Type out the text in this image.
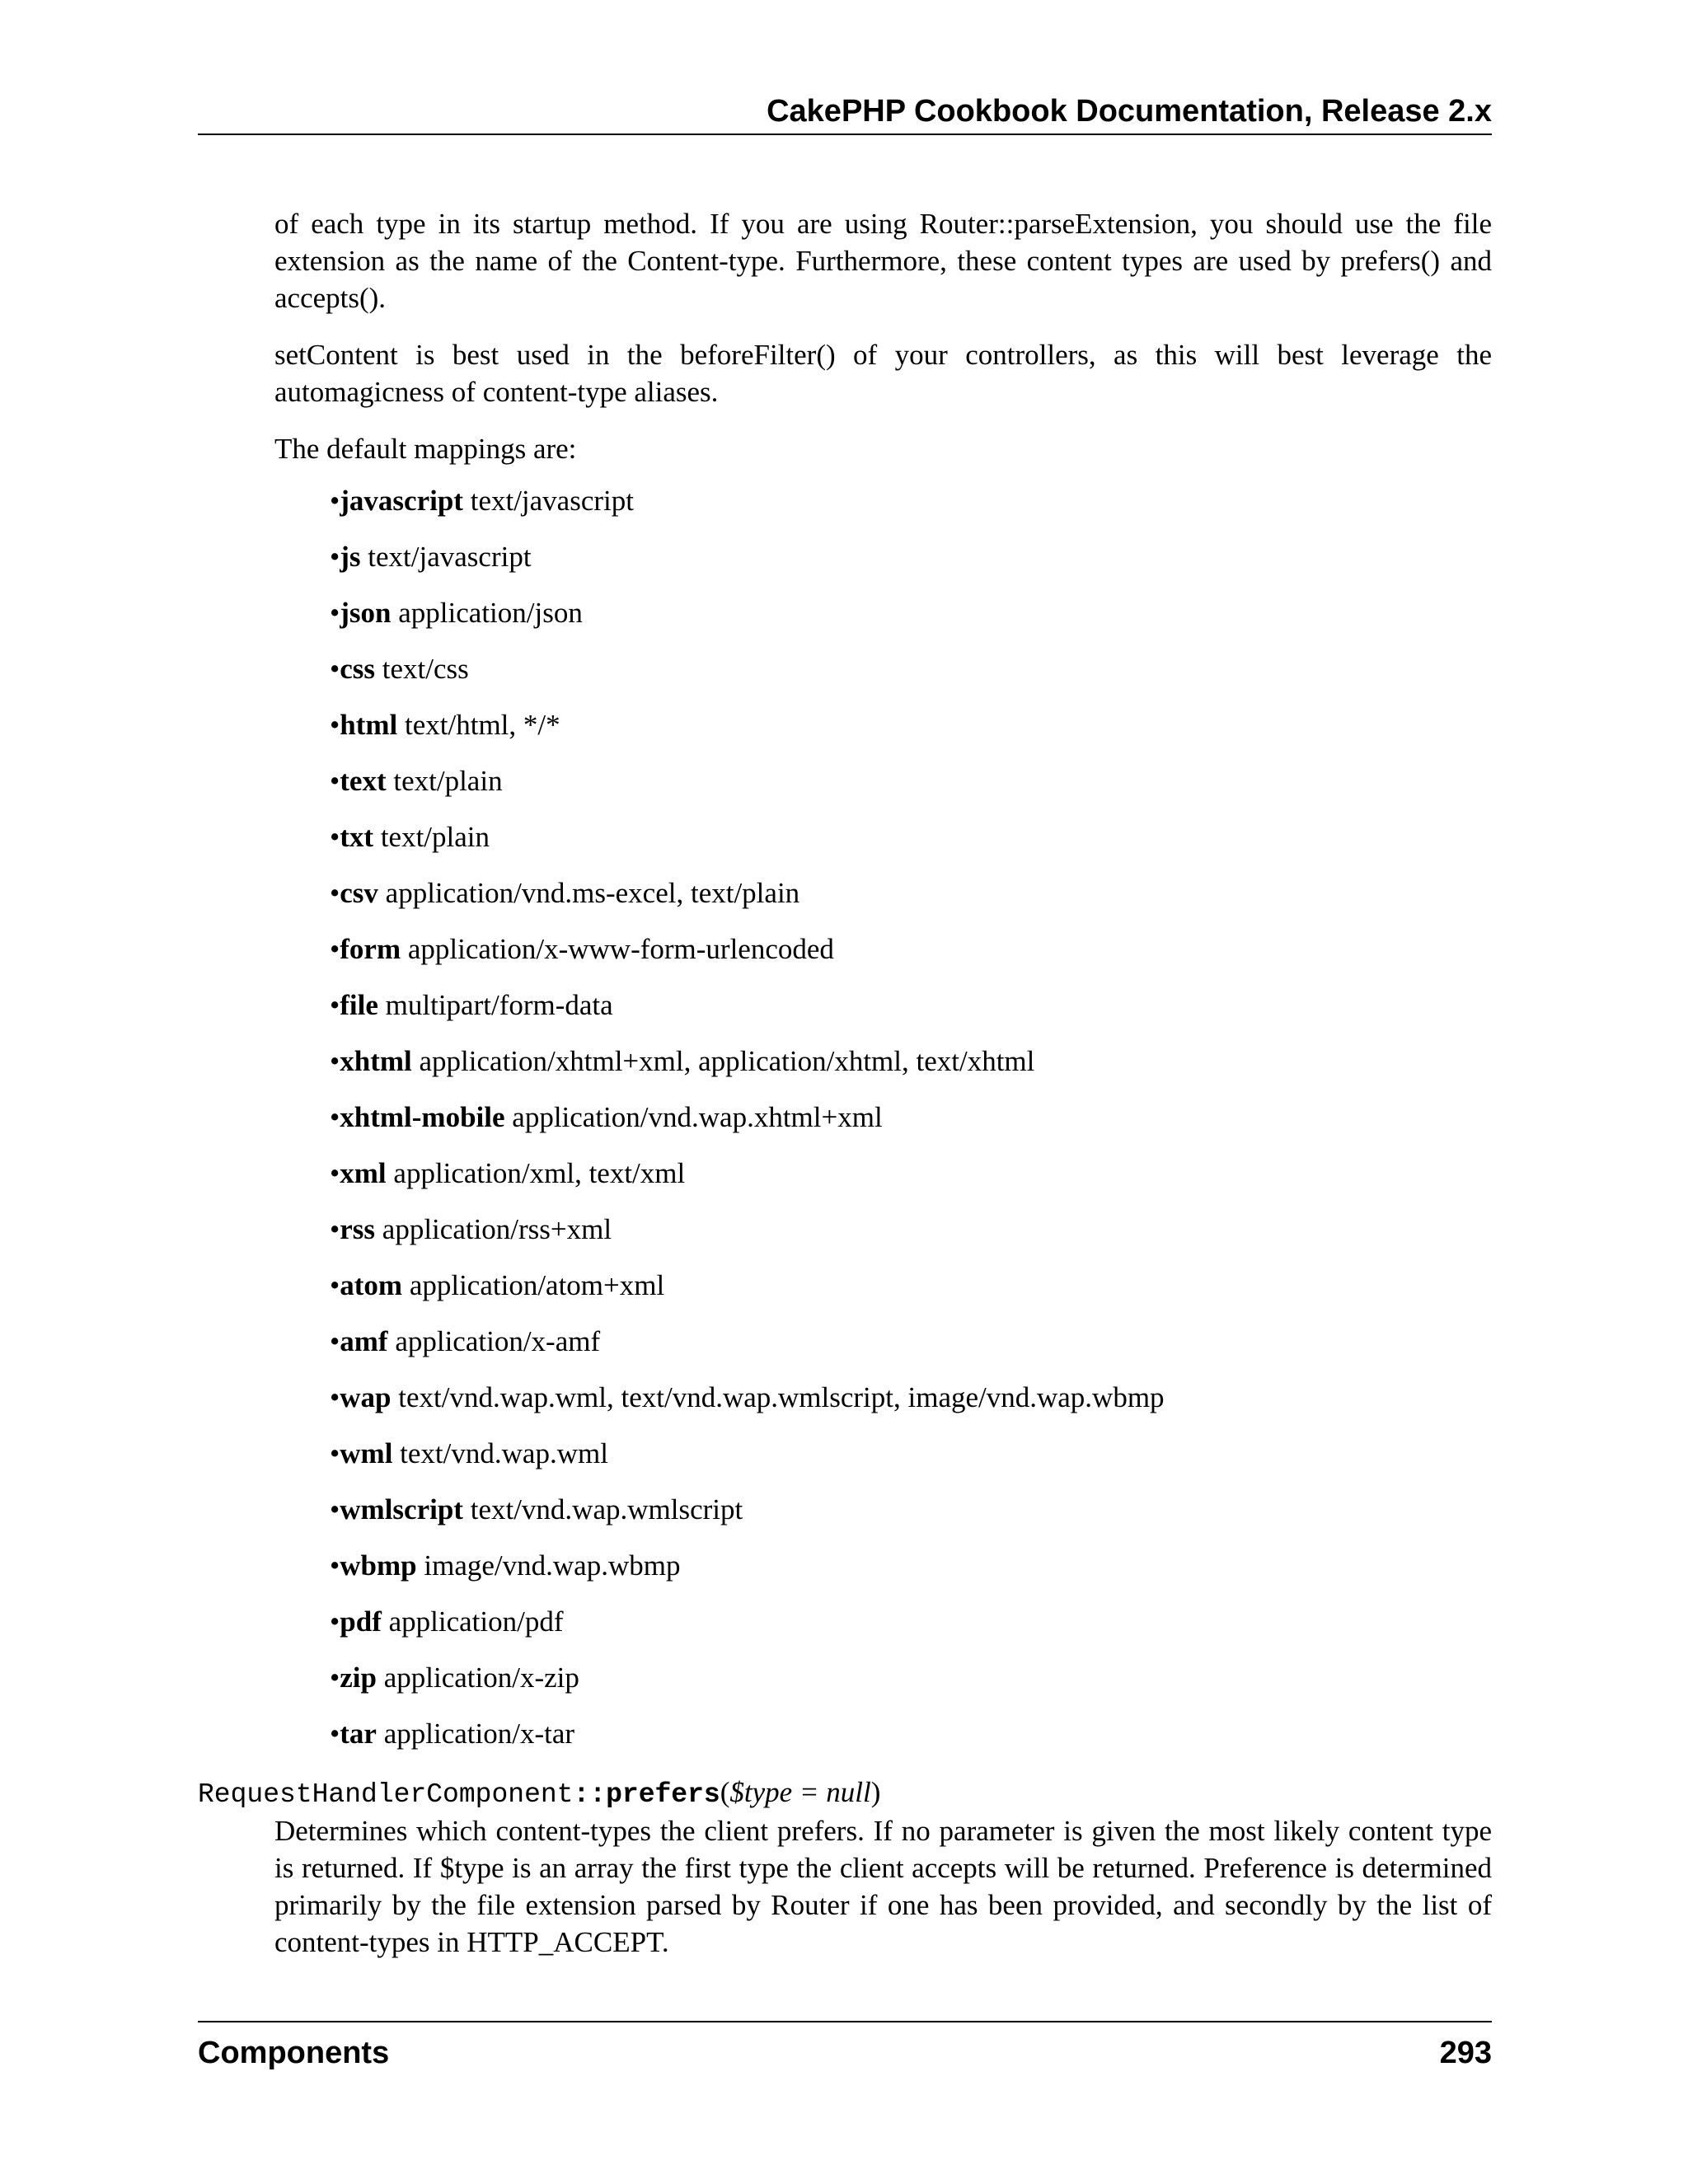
CakePHP Cookbook Documentation, Release 2.x

of each type in its startup method. If you are using Router::parseExtension, you should use the file extension as the name of the Content-type. Furthermore, these content types are used by prefers() and accepts().

setContent is best used in the beforeFilter() of your controllers, as this will best leverage the automagicness of content-type aliases.

The default mappings are:

•javascript text/javascript
•js text/javascript
•json application/json
•css text/css
•html text/html, */*
•text text/plain
•txt text/plain
•csv application/vnd.ms-excel, text/plain
•form application/x-www-form-urlencoded
•file multipart/form-data
•xhtml application/xhtml+xml, application/xhtml, text/xhtml
•xhtml-mobile application/vnd.wap.xhtml+xml
•xml application/xml, text/xml
•rss application/rss+xml
•atom application/atom+xml
•amf application/x-amf
•wap text/vnd.wap.wml, text/vnd.wap.wmlscript, image/vnd.wap.wbmp
•wml text/vnd.wap.wml
•wmlscript text/vnd.wap.wmlscript
•wbmp image/vnd.wap.wbmp
•pdf application/pdf
•zip application/x-zip
•tar application/x-tar
RequestHandlerComponent::prefers($type = null)

Determines which content-types the client prefers. If no parameter is given the most likely content type is returned. If $type is an array the first type the client accepts will be returned. Preference is determined primarily by the file extension parsed by Router if one has been provided, and secondly by the list of content-types in HTTP_ACCEPT.

Components	293
